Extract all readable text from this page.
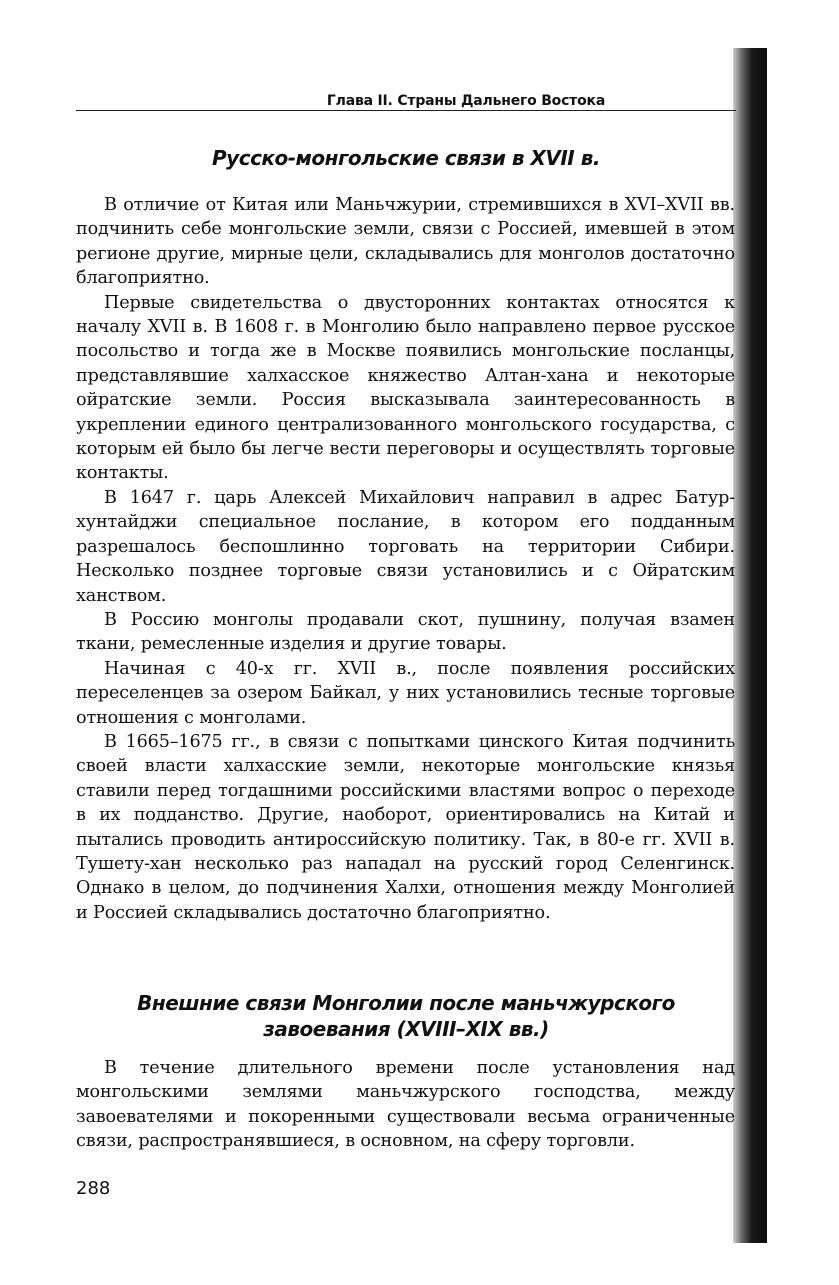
Глава II. Страны Дальнего Востока
Русско-монгольские связи в XVII в.

В отличие от Китая или Маньчжурии, стремившихся в XVI–XVII вв. подчинить себе монгольские земли, связи с Россией, имевшей в этом регионе другие, мирные цели, складывались для монголов достаточно благоприятно.

Первые свидетельства о двусторонних контактах относятся к началу XVII в. В 1608 г. в Монголию было направлено первое русское посольство и тогда же в Москве появились монгольские посланцы, представлявшие халхасское княжество Алтан-хана и некоторые ойратские земли. Россия высказывала заинтересованность в укреплении единого централизованного монгольского государства, с которым ей было бы легче вести переговоры и осуществлять торговые контакты.

В 1647 г. царь Алексей Михайлович направил в адрес Батур-хунтайджи специальное послание, в котором его подданным разрешалось беспошлинно торговать на территории Сибири. Несколько позднее торговые связи установились и с Ойратским ханством.

В Россию монголы продавали скот, пушнину, получая взамен ткани, ремесленные изделия и другие товары.

Начиная с 40-х гг. XVII в., после появления российских переселенцев за озером Байкал, у них установились тесные торговые отношения с монголами.

В 1665–1675 гг., в связи с попытками цинского Китая подчинить своей власти халхасские земли, некоторые монгольские князья ставили перед тогдашними российскими властями вопрос о переходе в их подданство. Другие, наоборот, ориентировались на Китай и пытались проводить антироссийскую политику. Так, в 80-е гг. XVII в. Тушету-хан несколько раз нападал на русский город Селенгинск. Однако в целом, до подчинения Халхи, отношения между Монголией и Россией складывались достаточно благоприятно.

Внешние связи Монголии после маньчжурского
завоевания (XVIII–XIX вв.)

В течение длительного времени после установления над монгольскими землями маньчжурского господства, между завоевателями и покоренными существовали весьма ограниченные связи, распространявшиеся, в основном, на сферу торговли.

288
